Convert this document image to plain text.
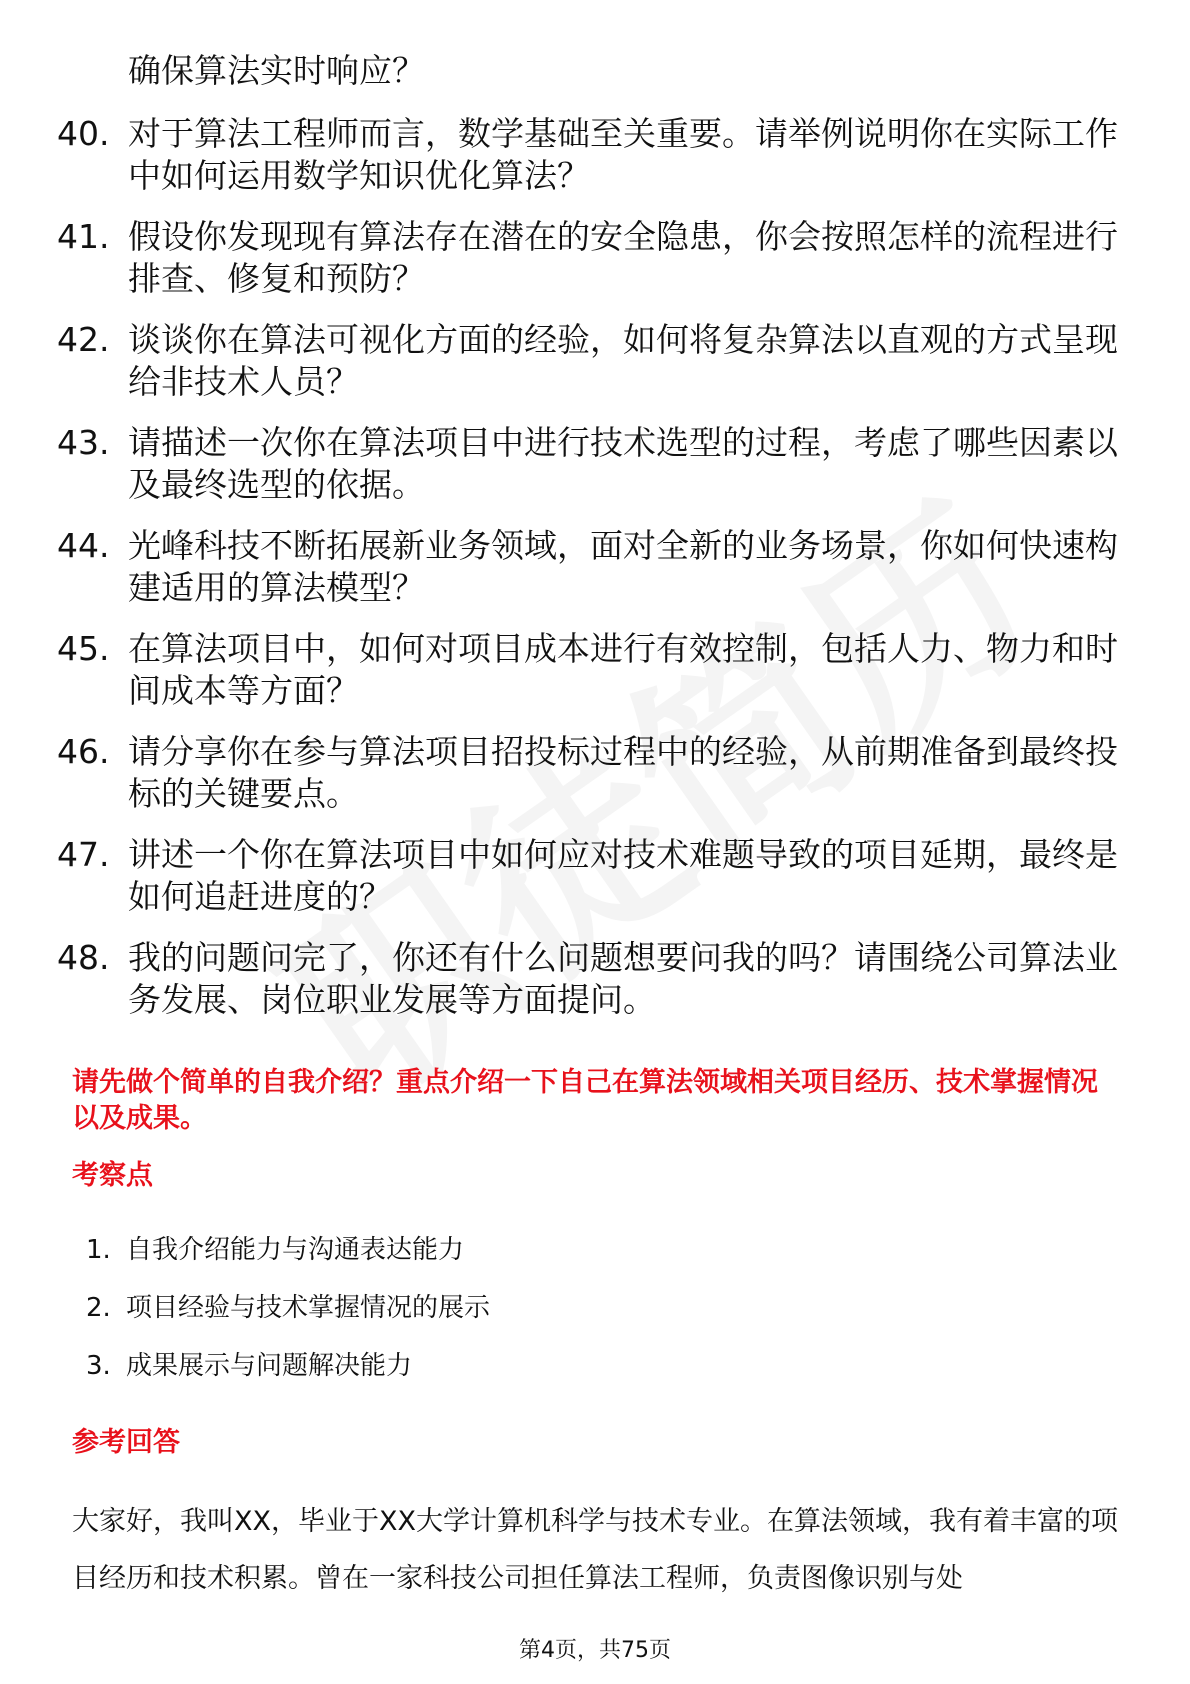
确保算法实时响应？
40. 对于算法工程师而言，数学基础至关重要。请举例说明你在实际工作中如何运用数学知识优化算法？
41. 假设你发现现有算法存在潜在的安全隐患，你会按照怎样的流程进行排查、修复和预防？
42. 谈谈你在算法可视化方面的经验，如何将复杂算法以直观的方式呈现给非技术人员？
43. 请描述一次你在算法项目中进行技术选型的过程，考虑了哪些因素以及最终选型的依据。
44. 光峰科技不断拓展新业务领域，面对全新的业务场景，你如何快速构建适用的算法模型？
45. 在算法项目中，如何对项目成本进行有效控制，包括人力、物力和时间成本等方面？
46. 请分享你在参与算法项目招投标过程中的经验，从前期准备到最终投标的关键要点。
47. 讲述一个你在算法项目中如何应对技术难题导致的项目延期，最终是如何追赶进度的？
48. 我的问题问完了，你还有什么问题想要问我的吗？请围绕公司算法业务发展、岗位职业发展等方面提问。
请先做个简单的自我介绍？重点介绍一下自己在算法领域相关项目经历、技术掌握情况以及成果。
考察点
1. 自我介绍能力与沟通表达能力
2. 项目经验与技术掌握情况的展示
3. 成果展示与问题解决能力
参考回答
大家好，我叫XX，毕业于XX大学计算机科学与技术专业。在算法领域，我有着丰富的项目经历和技术积累。曾在一家科技公司担任算法工程师，负责图像识别与处
第4页，共75页
